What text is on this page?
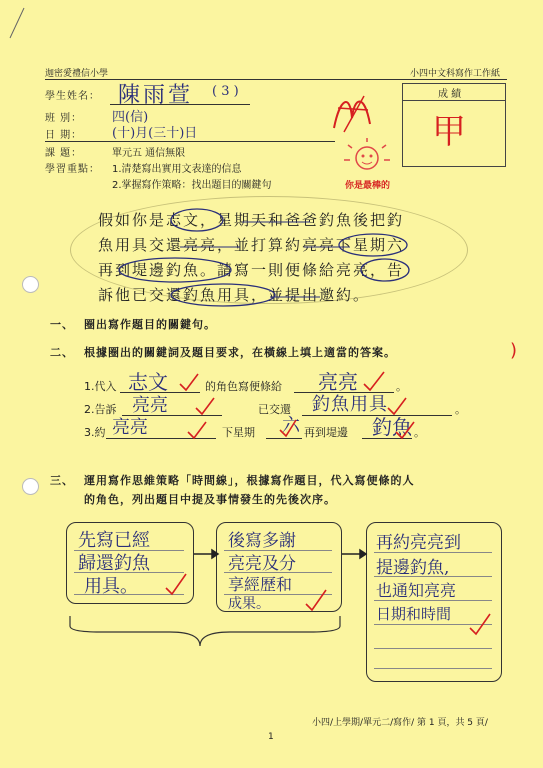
迦密愛禮信小學	小四中文科寫作工作紙
學生姓名： 陳雨萱 ( 3 )
班 別： 四(信)
日 期： (十)月(三十)日
課 題：	單元五 通信無限
學習重點： 1.清楚寫出實用文表達的信息
2.掌握寫作策略：找出題目的關鍵句
成 績
甲
你是最棒的
假如你是志文，星期天和爸爸釣魚後把釣
魚用具交還亮亮，並打算約亮亮下星期六
再到堤邊釣魚。請寫一則便條給亮亮，告
訴他已交還釣魚用具，並提出邀約。
一、 圈出寫作題目的關鍵句。
二、 根據圈出的關鍵詞及題目要求，在橫線上填上適當的答案。	)
1.代入 志文	的角色寫便條給 亮亮	。
2.告訴 亮亮	已交還 釣魚用具	。
3.約 亮亮	下星期 六 再到堤邊 釣魚 。
三、 運用寫作思維策略「時間線」，根據寫作題目，代入寫便條的人
的角色，列出題目中提及事情發生的先後次序。
先寫已經
歸還釣魚
用具。
後寫多謝
亮亮及分
享經歷和
成果。
再約亮亮到
提邊釣魚,
也通知亮亮
日期和時間
小四/上學期/單元二/寫作/ 第 1 頁，共 5 頁/
1
